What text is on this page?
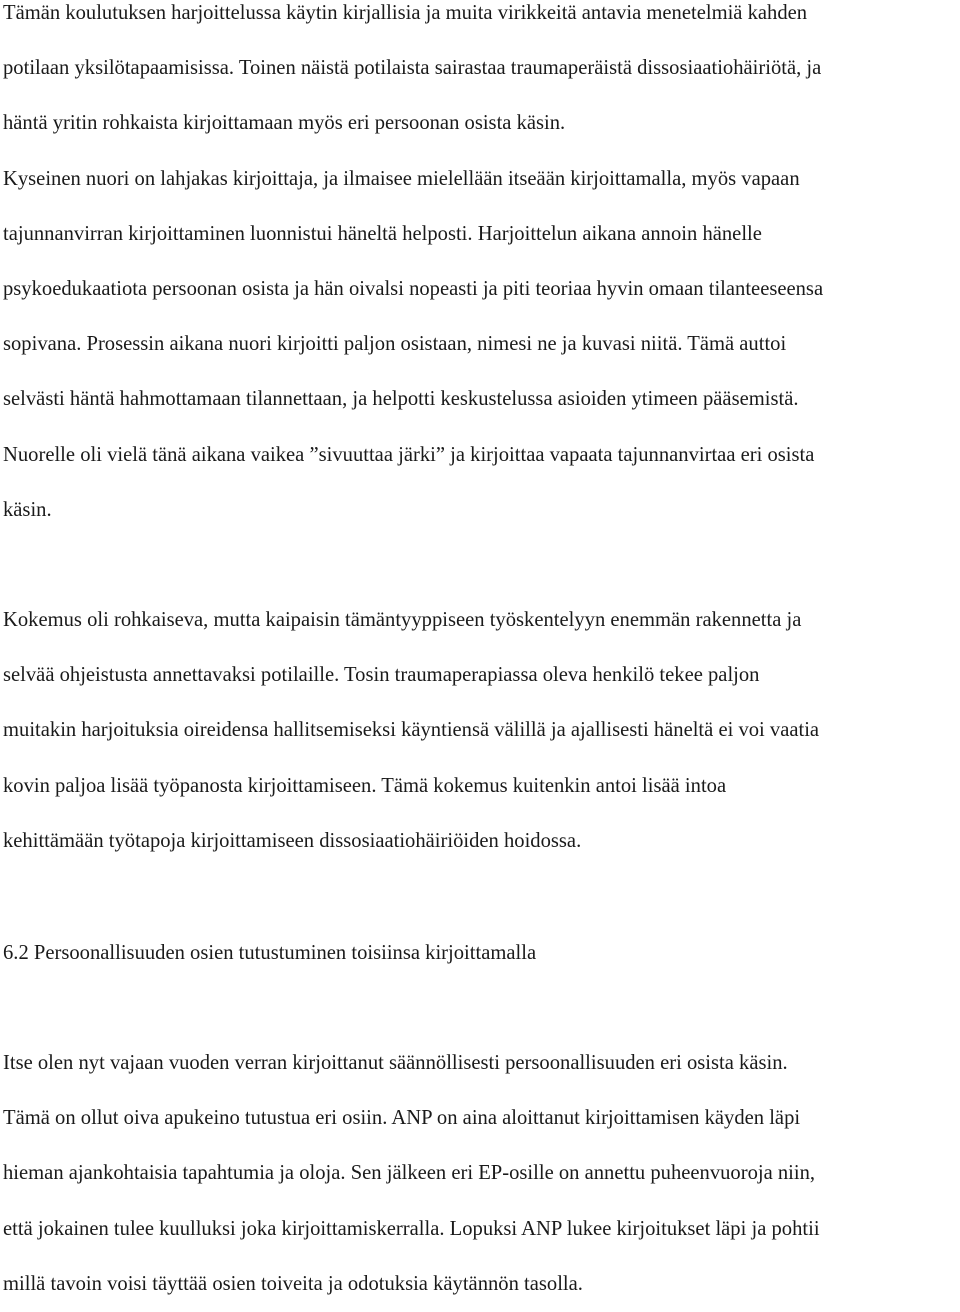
Tämän koulutuksen harjoittelussa käytin kirjallisia ja muita virikkeitä antavia menetelmiä kahden
potilaan yksilötapaamisissa. Toinen näistä potilaista sairastaa traumaperäistä dissosiaatiohäiriötä, ja
häntä yritin rohkaista kirjoittamaan myös eri persoonan osista käsin.
Kyseinen nuori on lahjakas kirjoittaja, ja ilmaisee mielellään itseään kirjoittamalla, myös vapaan
tajunnanvirran kirjoittaminen luonnistui häneltä helposti. Harjoittelun aikana annoin hänelle
psykoedukaatiota persoonan osista ja hän oivalsi nopeasti ja piti teoriaa hyvin omaan tilanteeseensa
sopivana. Prosessin aikana nuori kirjoitti paljon osistaan, nimesi ne ja kuvasi niitä. Tämä auttoi
selvästi häntä hahmottamaan tilannettaan, ja helpotti keskustelussa asioiden ytimeen pääsemistä.
Nuorelle oli vielä tänä aikana vaikea ”sivuuttaa järki” ja kirjoittaa vapaata tajunnanvirtaa eri osista
käsin.
Kokemus oli rohkaiseva, mutta kaipaisin tämäntyyppiseen työskentelyyn enemmän rakennetta ja
selvää ohjeistusta annettavaksi potilaille. Tosin traumaperapiassa oleva henkilö tekee paljon
muitakin harjoituksia oireidensa hallitsemiseksi käyntiensä välillä ja ajallisesti häneltä ei voi vaatia
kovin paljoa lisää työpanosta kirjoittamiseen. Tämä kokemus kuitenkin antoi lisää intoa
kehittämään työtapoja kirjoittamiseen dissosiaatiohäiriöiden hoidossa.
6.2 Persoonallisuuden osien tutustuminen toisiinsa kirjoittamalla
Itse olen nyt vajaan vuoden verran kirjoittanut säännöllisesti persoonallisuuden eri osista käsin.
Tämä on ollut oiva apukeino tutustua eri osiin. ANP on aina aloittanut kirjoittamisen käyden läpi
hieman ajankohtaisia tapahtumia ja oloja. Sen jälkeen eri EP-osille on annettu puheenvuoroja niin,
että jokainen tulee kuulluksi joka kirjoittamiskerralla. Lopuksi ANP lukee kirjoitukset läpi ja pohtii
millä tavoin voisi täyttää osien toiveita ja odotuksia käytännön tasolla.
